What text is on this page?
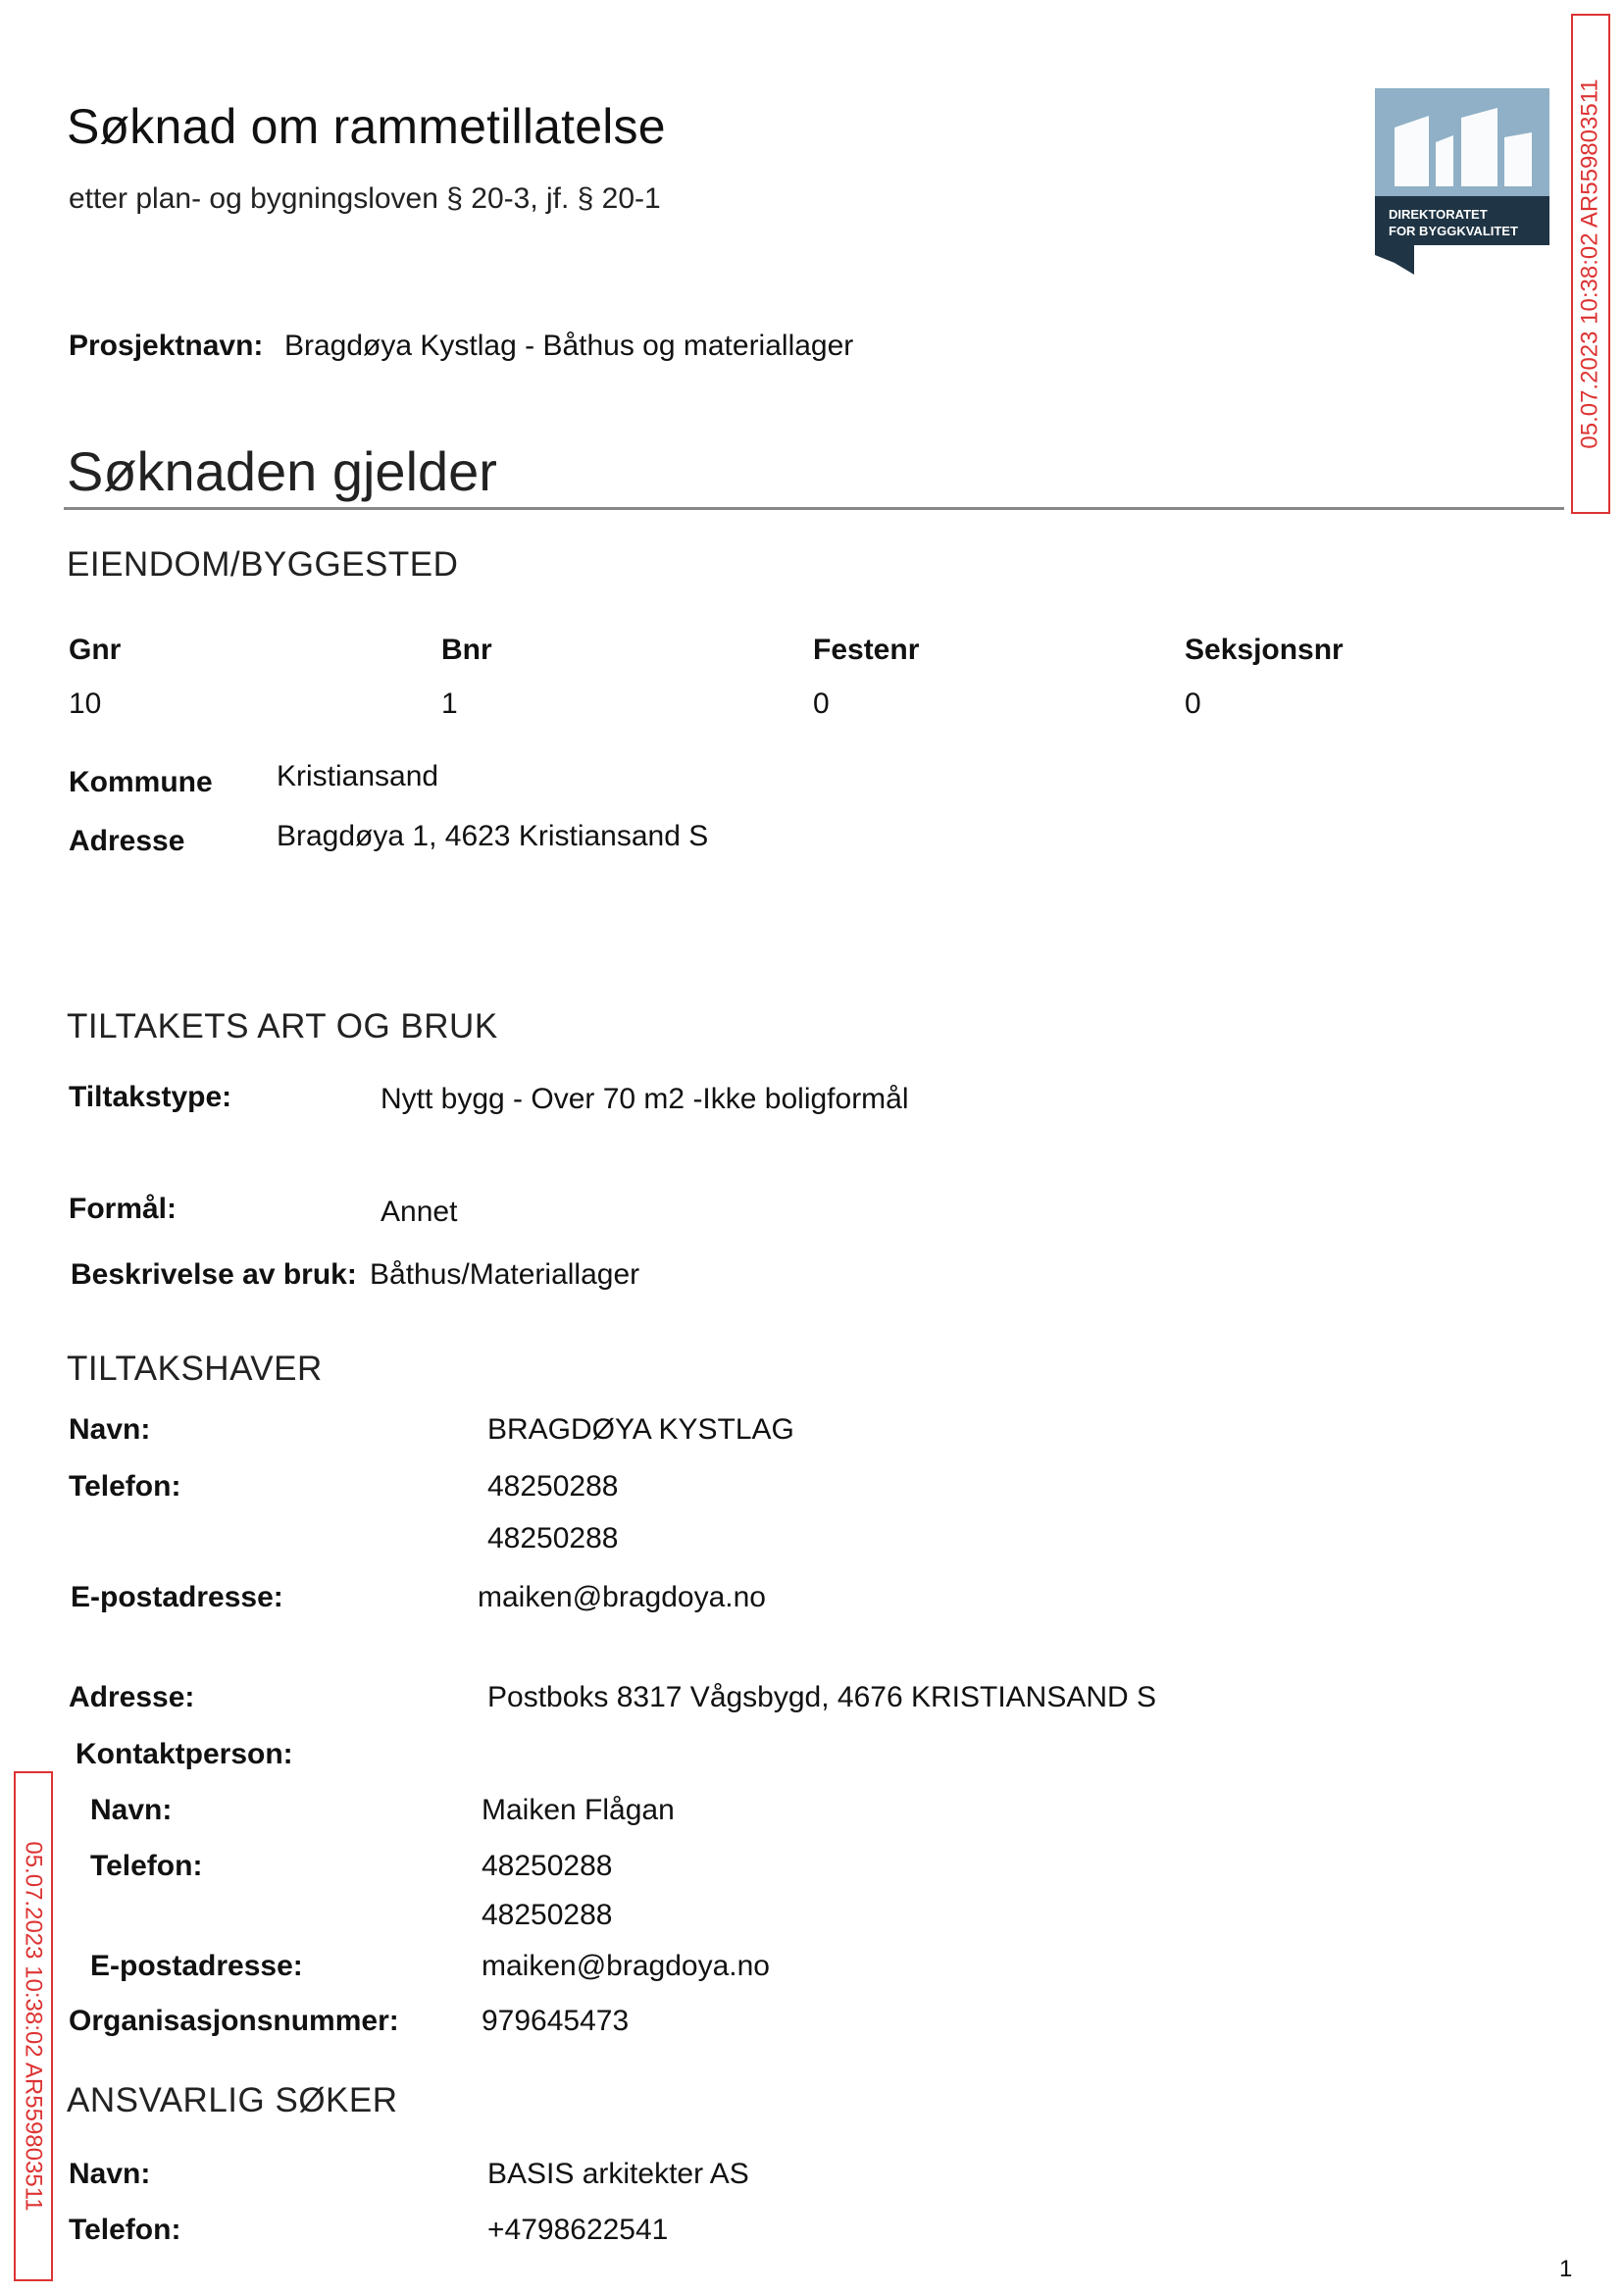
Søknad om rammetillatelse
etter plan- og bygningsloven § 20-3, jf. § 20-1	DIREKTORATET
FOR BYGGKVALITET	05.07.2023 10:38:02 AR559803511
05.07.2023 10:38:02 AR559803511
Prosjektnavn: Bragdøya Kystlag - Båthus og materiallager
Søknaden gjelder
EIENDOM/BYGGESTED
Gnr	Bnr	Festenr	Seksjonsnr
10	1	0	0
Kommune Kristiansand
Adresse	Bragdøya 1, 4623 Kristiansand S
TILTAKETS ART OG BRUK
Tiltakstype:	Nytt bygg - Over 70 m2 -Ikke boligformål
Formål:	Annet
Beskrivelse av bruk: Båthus/Materiallager
TILTAKSHAVER
Navn:	BRAGDØYA KYSTLAG
Telefon:	48250288
48250288
E-postadresse:	maiken@bragdoya.no
Adresse:	Postboks 8317 Vågsbygd, 4676 KRISTIANSAND S
Kontaktperson:
Navn:	Maiken Flågan
Telefon:	48250288
48250288
E-postadresse:	maiken@bragdoya.no
Organisasjonsnummer:	979645473
ANSVARLIG SØKER
Navn:	BASIS arkitekter AS
Telefon:	+4798622541
1
